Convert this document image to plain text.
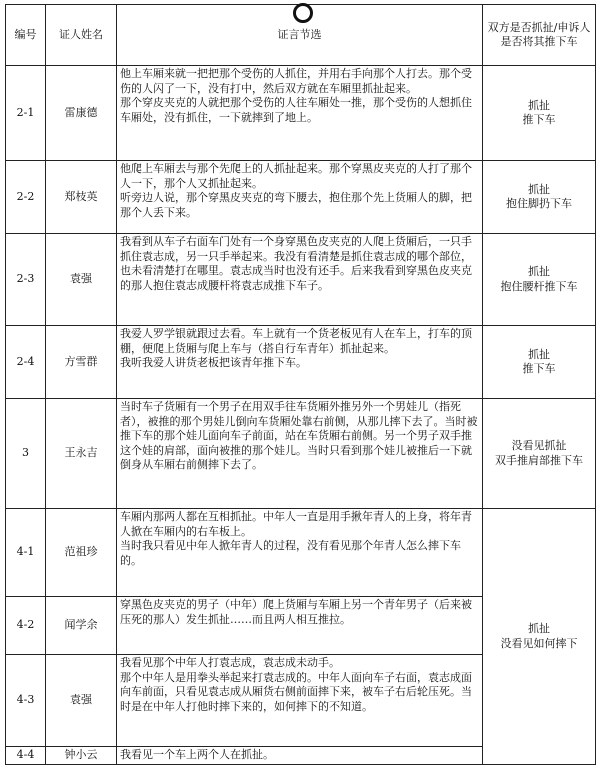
编号	证人姓名	证言节选	双方是否抓扯/申诉人是否将其推下车
2-1	雷康德	他上车厢来就一把把那个受伤的人抓住，并用右手向那个人打去。那个受伤的人闪了一下，没有打中，然后双方就在车厢里抓扯起来。
那个穿皮夹克的人就把那个受伤的人往车厢处一推，那个受伤的人想抓住车厢处，没有抓住，一下就摔到了地上。	抓扯
推下车

2-2	郑枝英	他爬上车厢去与那个先爬上的人抓扯起来。那个穿黑皮夹克的人打了那个人一下，那个人又抓扯起来。
听旁边人说，那个穿黑皮夹克的弯下腰去，抱住那个先上货厢人的脚，把那个人丢下来。	抓扯
抱住脚扔下车

2-3	袁强	我看到从车子右面车门处有一个身穿黑色皮夹克的人爬上货厢后，一只手抓住袁志成，另一只手举起来。我没有看清楚是抓住袁志成的哪个部位，也未看清楚打在哪里。袁志成当时也没有还手。后来我看到穿黑色皮夹克的那人抱住袁志成腰杆将袁志成推下车子。	抓扯
抱住腰杆推下车

2-4	方雪群	我爱人罗学银就跟过去看。车上就有一个货老板见有人在车上，打车的顶棚，便爬上货厢与爬上车与（搭自行车青年）抓扯起来。
我听我爱人讲货老板把该青年推下车。	抓扯
推下车

3	王永吉	当时车子货厢有一个男子在用双手往车货厢外推另外一个男娃儿（指死者），被推的那个男娃儿倒向车货厢处靠右前侧，从那儿摔下去了。当时被推下车的那个娃儿面向车子前面，站在车货厢右前侧。另一个男子双手推这个娃的肩部，面向被推的那个娃儿。当时只看到那个娃儿被推后一下就倒身从车厢右前侧摔下去了。	没看见抓扯
双手推肩部推下车

4-1	范祖珍	车厢内那两人都在互相抓扯。中年人一直是用手揪年青人的上身，将年青人掀在车厢内的右车板上。
当时我只看见中年人掀年青人的过程，没有看见那个年青人怎么摔下车的。	抓扯
没看见如何摔下

4-2	闻学余	穿黑色皮夹克的男子（中年）爬上货厢与车厢上另一个青年男子（后来被压死的那人）发生抓扯……而且两人相互推拉。	

4-3	袁强	我看见那个中年人打袁志成，袁志成未动手。
那个中年人是用拳头举起来打袁志成的。中年人面向车子右面，袁志成面向车前面，只看见袁志成从厢货右侧前面摔下来，被车子右后轮压死。当时是在中年人打他时摔下来的，如何摔下的不知道。	

4-4	钟小云	我看见一个车上两个人在抓扯。	
